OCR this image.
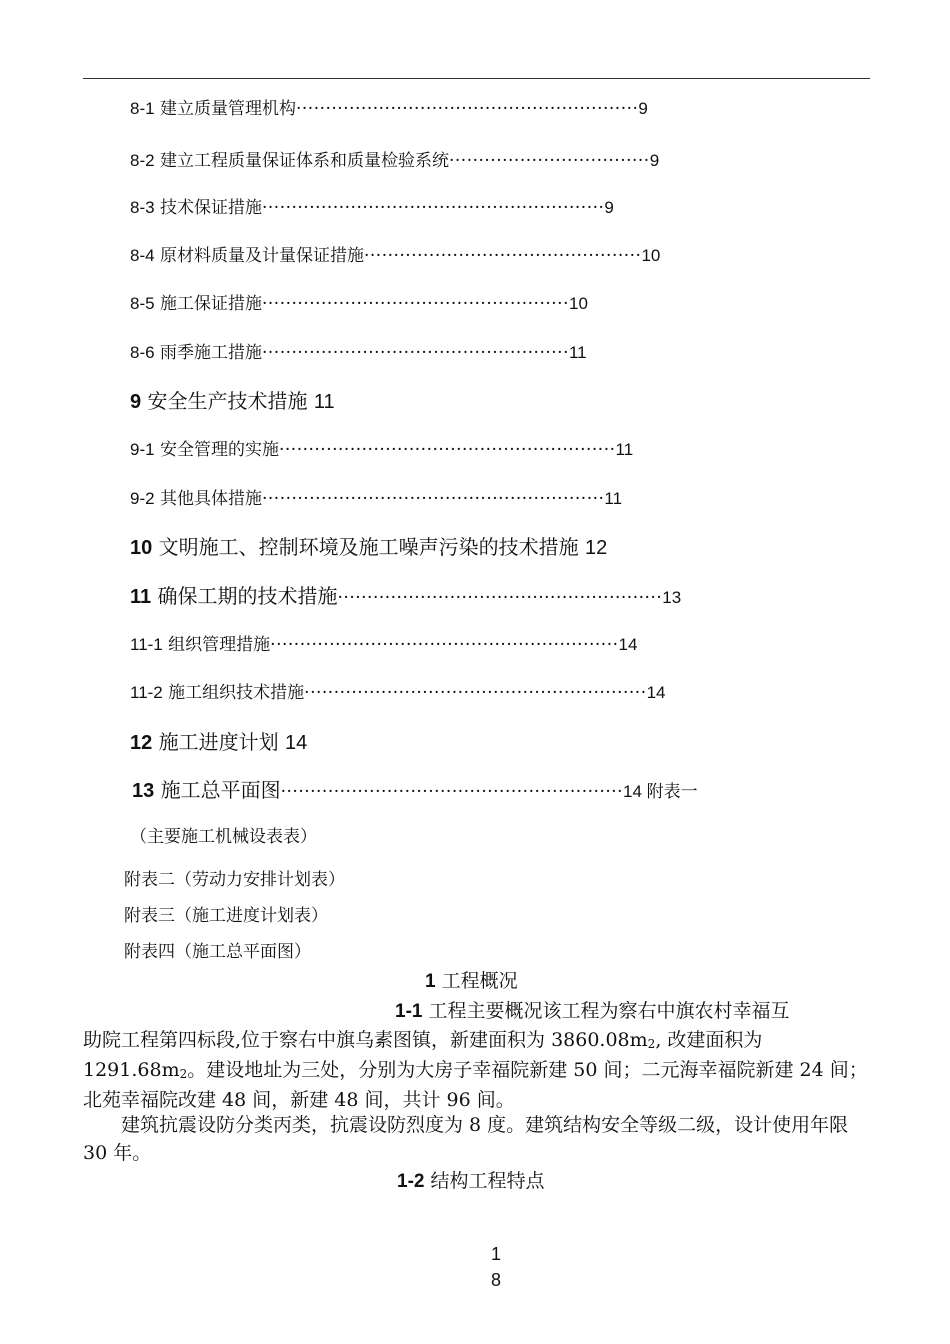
8-1 建立质量管理机构··························································9
8-2 建立工程质量保证体系和质量检验系统··································9
8-3 技术保证措施··························································9
8-4 原材料质量及计量保证措施···············································10
8-5 施工保证措施····················································10
8-6 雨季施工措施····················································11
9 安全生产技术措施 11
9-1 安全管理的实施·························································11
9-2 其他具体措施··························································11
10 文明施工、控制环境及施工噪声污染的技术措施 12
11 确保工期的技术措施·······················································13
11-1 组织管理措施···························································14
11-2 施工组织技术措施··························································14
12 施工进度计划 14
13 施工总平面图··························································14 附表一
（主要施工机械设表表）
附表二（劳动力安排计划表）
附表三（施工进度计划表）
附表四（施工总平面图）
1 工程概况
1-1 工程主要概况该工程为察右中旗农村幸福互
助院工程第四标段,位于察右中旗乌素图镇，新建面积为 $3860.08m_2$, 改建面积为 $1291.68m_2$。建设地址为三处，分别为大房子幸福院新建 50 间；二元海幸福院新建 24 间；北苑幸福院改建 48 间，新建 48 间，共计 96 间。
建筑抗震设防分类丙类，抗震设防烈度为 8 度。建筑结构安全等级二级，设计使用年限 30 年。
1-2 结构工程特点
1
8
